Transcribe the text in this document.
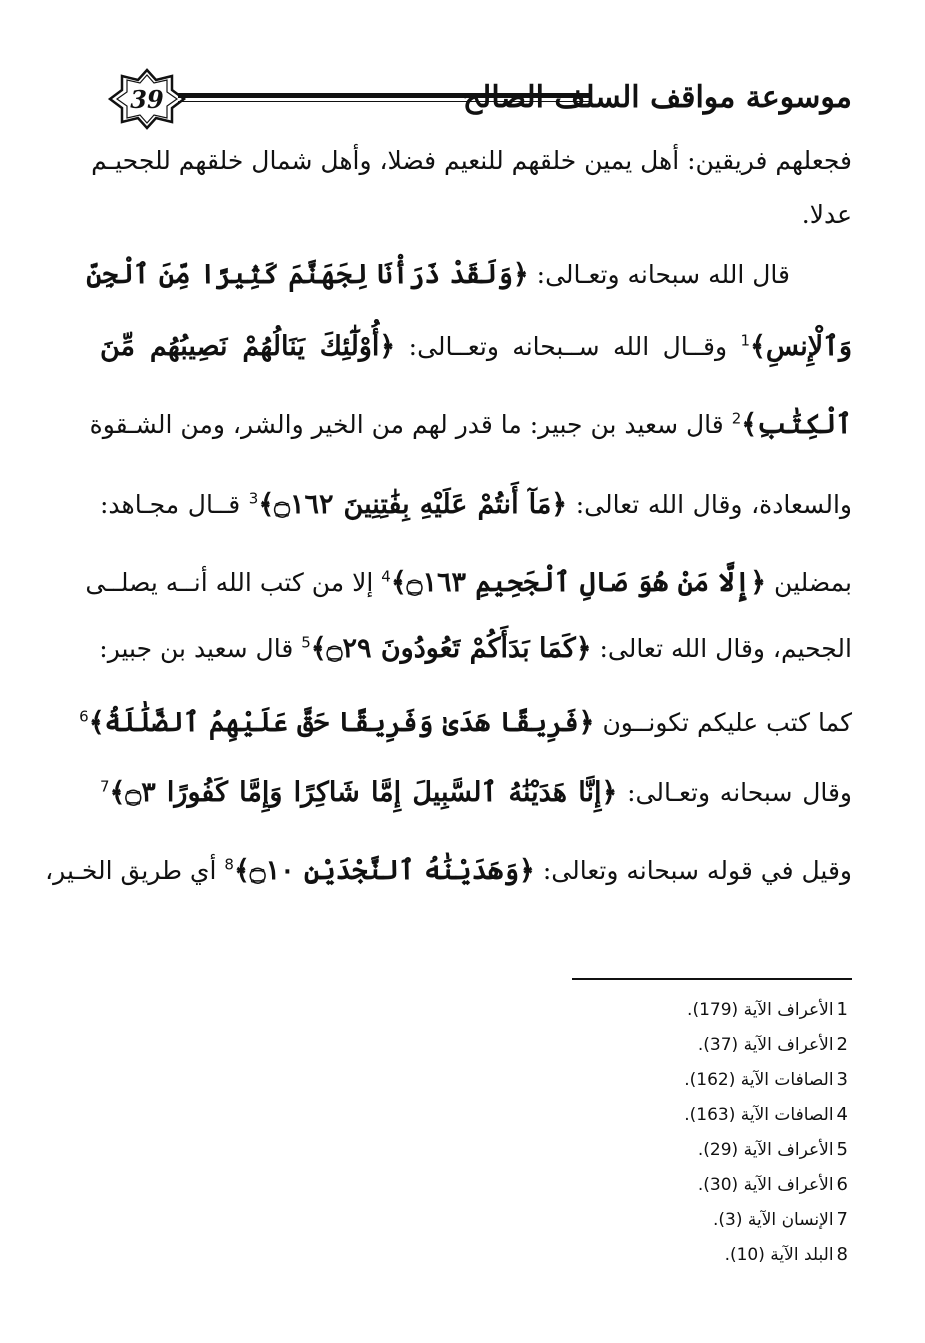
39	موسوعة مواقف السلف الصالح
فجعلهم فريقين: أهل يمين خلقهم للنعيم فضلا، وأهل شمال خلقهم للجحيـم
عدلا.
قال الله سبحانه وتعـالى: ﴿وَلَقَدْ ذَرَأْنَا لِجَهَنَّمَ كَثِيرًا مِّنَ ٱلْجِنِّ
وَٱلْإِنسِ﴾$^1$ وقــال الله ســبحانه وتعــالى: ﴿أُوْلَٰٓئِكَ يَنَالُهُمْ نَصِيبُهُم مِّنَ
ٱلْكِتَٰبِ﴾$^2$ قال سعيد بن جبير: ما قدر لهم من الخير والشر، ومن الشـقوة
والسعادة، وقال الله تعالى: ﴿مَآ أَنتُمْ عَلَيْهِ بِفَٰتِنِينَ ۝١٦٢﴾$^3$ قــال مجـاهد:
بمضلين ﴿إِلَّا مَنْ هُوَ صَالِ ٱلْجَحِيمِ ۝١٦٣﴾$^4$ إلا من كتب الله أنــه يصلــى
الجحيم، وقال الله تعالى: ﴿كَمَا بَدَأَكُمْ تَعُودُونَ ۝٢٩﴾$^5$ قال سعيد بن جبير:
كما كتب عليكم تكونــون ﴿فَرِيقًا هَدَىٰ وَفَرِيقًا حَقَّ عَلَيْهِمُ ٱلضَّلَٰلَةُ﴾$^6$
وقال سبحانه وتعـالى: ﴿إِنَّا هَدَيْنَٰهُ ٱلسَّبِيلَ إِمَّا شَاكِرًا وَإِمَّا كَفُورًا ۝٣﴾$^7$
وقيل في قوله سبحانه وتعالى: ﴿وَهَدَيْنَٰهُ ٱلنَّجْدَيْنِ ۝١٠﴾$^8$ أي طريق الخـير،
1الأعراف الآية (179).
2الأعراف الآية (37).
3الصافات الآية (162).
4الصافات الآية (163).
5الأعراف الآية (29).
6الأعراف الآية (30).
7الإنسان الآية (3).
8البلد الآية (10).
